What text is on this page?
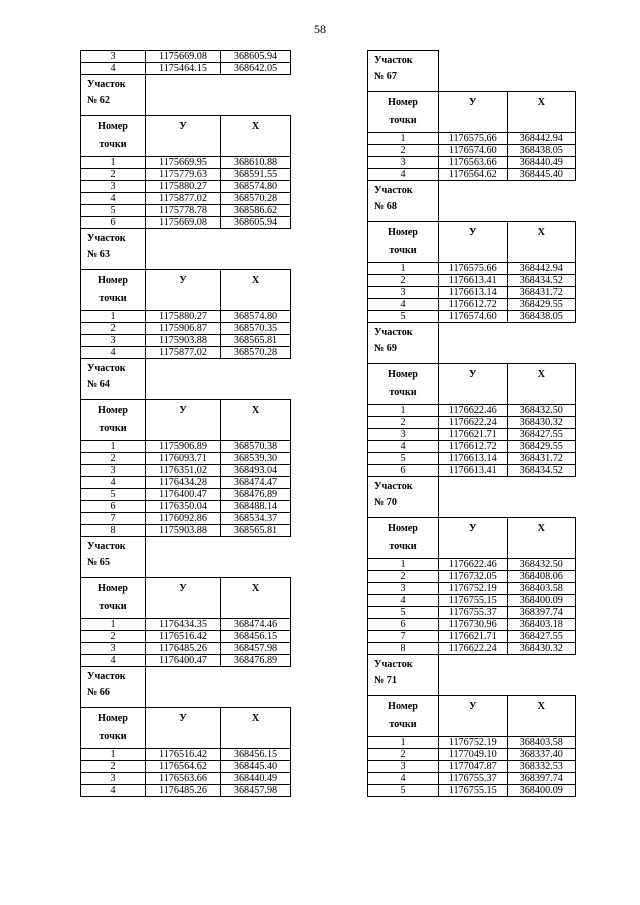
58
3	1175669.08	368605.94
4	1175464.15	368642.05

Участок
№ 62		

Номер
точки	У	X
1	1175669.95	368610.88
2	1175779.63	368591.55
3	1175880.27	368574.80
4	1175877.02	368570.28
5	1175778.78	368586.62
6	1175669.08	368605.94

Участок
№ 63		

Номер
точки	У	X
1	1175880.27	368574.80
2	1175906.87	368570.35
3	1175903.88	368565.81
4	1175877.02	368570.28

Участок
№ 64		

Номер
точки	У	X
1	1175906.89	368570.38
2	1176093.71	368539.30
3	1176351.02	368493.04
4	1176434.28	368474.47
5	1176400.47	368476.89
6	1176350.04	368488.14
7	1176092.86	368534.37
8	1175903.88	368565.81

Участок
№ 65		

Номер
точки	У	X
1	1176434.35	368474.46
2	1176516.42	368456.15
3	1176485.26	368457.98
4	1176400.47	368476.89

Участок
№ 66		

Номер
точки	У	X
1	1176516.42	368456.15
2	1176564.62	368445.40
3	1176563.66	368440.49
4	1176485.26	368457.98
Участок
№ 67		

Номер
точки	У	X
1	1176575.66	368442.94
2	1176574.60	368438.05
3	1176563.66	368440.49
4	1176564.62	368445.40

Участок
№ 68		

Номер
точки	У	X
1	1176575.66	368442.94
2	1176613.41	368434.52
3	1176613.14	368431.72
4	1176612.72	368429.55
5	1176574.60	368438.05

Участок
№ 69		

Номер
точки	У	X
1	1176622.46	368432.50
2	1176622.24	368430.32
3	1176621.71	368427.55
4	1176612.72	368429.55
5	1176613.14	368431.72
6	1176613.41	368434.52

Участок
№ 70		

Номер
точки	У	X
1	1176622.46	368432.50
2	1176732.05	368408.06
3	1176752.19	368403.58
4	1176755.15	368400.09
5	1176755.37	368397.74
6	1176730.96	368403.18
7	1176621.71	368427.55
8	1176622.24	368430.32

Участок
№ 71		

Номер
точки	У	X
1	1176752.19	368403.58
2	1177049.10	368337.40
3	1177047.87	368332.53
4	1176755.37	368397.74
5	1176755.15	368400.09
